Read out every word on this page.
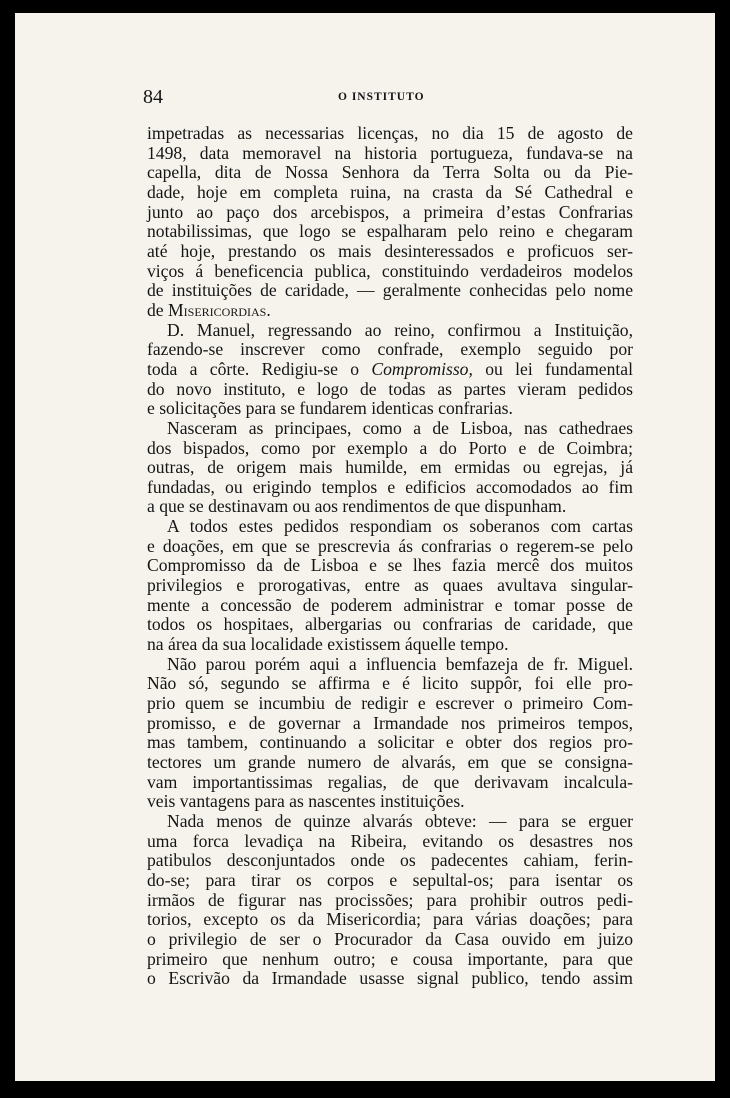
84	O INSTITUTO
impetradas as necessarias licenças, no dia 15 de agosto de
1498, data memoravel na historia portugueza, fundava-se na
capella, dita de Nossa Senhora da Terra Solta ou da Pie-
dade, hoje em completa ruina, na crasta da Sé Cathedral e
junto ao paço dos arcebispos, a primeira d’estas Confrarias
notabilissimas, que logo se espalharam pelo reino e chegaram
até hoje, prestando os mais desinteressados e proficuos ser-
viços á beneficencia publica, constituindo verdadeiros modelos
de instituições de caridade, — geralmente conhecidas pelo nome
de Misericordias.
D. Manuel, regressando ao reino, confirmou a Instituição,
fazendo-se inscrever como confrade, exemplo seguido por
toda a côrte. Redigiu-se o Compromisso, ou lei fundamental
do novo instituto, e logo de todas as partes vieram pedidos
e solicitações para se fundarem identicas confrarias.
Nasceram as principaes, como a de Lisboa, nas cathedraes
dos bispados, como por exemplo a do Porto e de Coimbra;
outras, de origem mais humilde, em ermidas ou egrejas, já
fundadas, ou erigindo templos e edificios accomodados ao fim
a que se destinavam ou aos rendimentos de que dispunham.
A todos estes pedidos respondiam os soberanos com cartas
e doações, em que se prescrevia ás confrarias o regerem-se pelo
Compromisso da de Lisboa e se lhes fazia mercê dos muitos
privilegios e prorogativas, entre as quaes avultava singular-
mente a concessão de poderem administrar e tomar posse de
todos os hospitaes, albergarias ou confrarias de caridade, que
na área da sua localidade existissem áquelle tempo.
Não parou porém aqui a influencia bemfazeja de fr. Miguel.
Não só, segundo se affirma e é licito suppôr, foi elle pro-
prio quem se incumbiu de redigir e escrever o primeiro Com-
promisso, e de governar a Irmandade nos primeiros tempos,
mas tambem, continuando a solicitar e obter dos regios pro-
tectores um grande numero de alvarás, em que se consigna-
vam importantissimas regalias, de que derivavam incalcula-
veis vantagens para as nascentes instituições.
Nada menos de quinze alvarás obteve: — para se erguer
uma forca levadiça na Ribeira, evitando os desastres nos
patibulos desconjuntados onde os padecentes cahiam, ferin-
do-se; para tirar os corpos e sepultal-os; para isentar os
irmãos de figurar nas procissões; para prohibir outros pedi-
torios, excepto os da Misericordia; para várias doações; para
o privilegio de ser o Procurador da Casa ouvido em juizo
primeiro que nenhum outro; e cousa importante, para que
o Escrivão da Irmandade usasse signal publico, tendo assim
